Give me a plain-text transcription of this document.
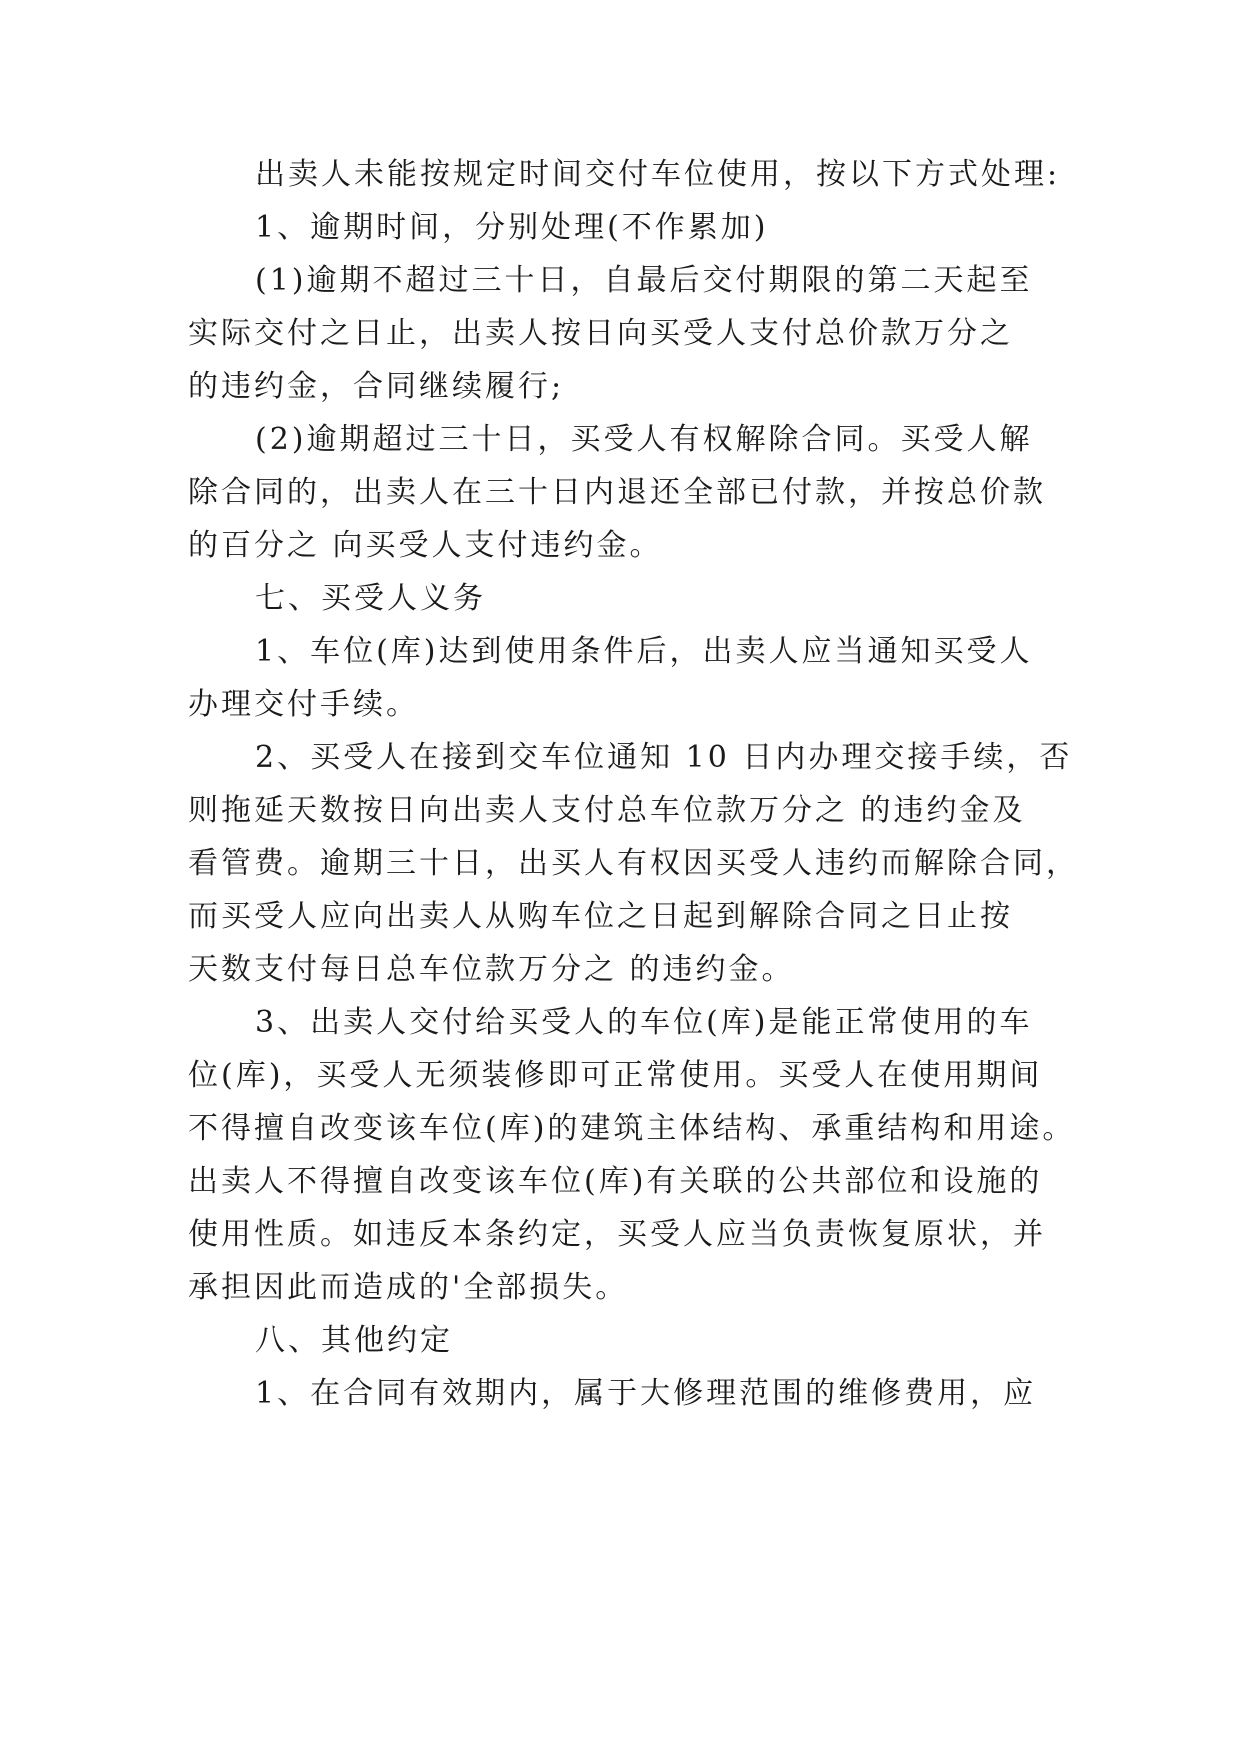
出卖人未能按规定时间交付车位使用，按以下方式处理:
1、逾期时间，分别处理(不作累加)
(1)逾期不超过三十日，自最后交付期限的第二天起至
实际交付之日止，出卖人按日向买受人支付总价款万分之
的违约金，合同继续履行;
(2)逾期超过三十日，买受人有权解除合同。买受人解
除合同的，出卖人在三十日内退还全部已付款，并按总价款
的百分之 向买受人支付违约金。
七、买受人义务
1、车位(库)达到使用条件后，出卖人应当通知买受人
办理交付手续。
2、买受人在接到交车位通知 10 日内办理交接手续，否
则拖延天数按日向出卖人支付总车位款万分之 的违约金及
看管费。逾期三十日，出买人有权因买受人违约而解除合同，
而买受人应向出卖人从购车位之日起到解除合同之日止按
天数支付每日总车位款万分之 的违约金。
3、出卖人交付给买受人的车位(库)是能正常使用的车
位(库)，买受人无须装修即可正常使用。买受人在使用期间
不得擅自改变该车位(库)的建筑主体结构、承重结构和用途。
出卖人不得擅自改变该车位(库)有关联的公共部位和设施的
使用性质。如违反本条约定，买受人应当负责恢复原状，并
承担因此而造成的'全部损失。
八、其他约定
1、在合同有效期内，属于大修理范围的维修费用，应
